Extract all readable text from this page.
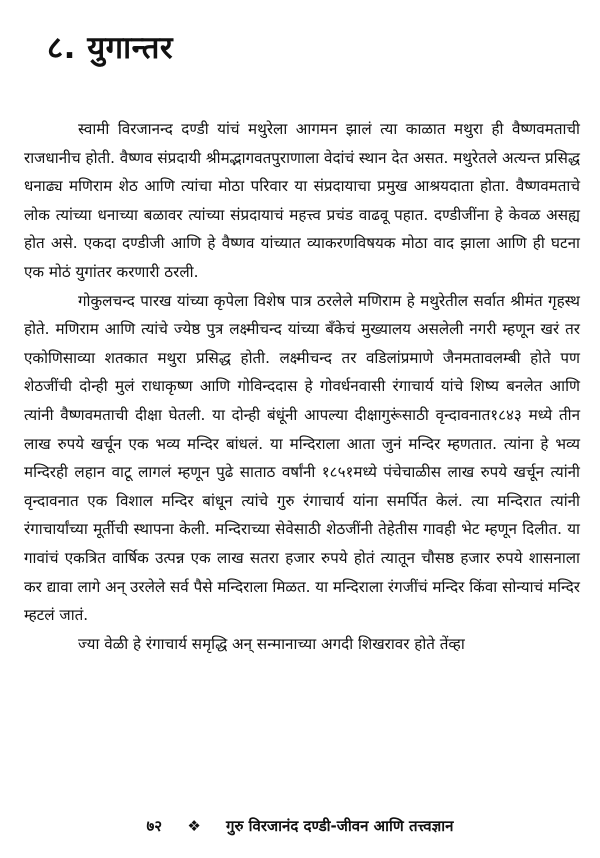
८. युगान्तर

स्वामी विरजानन्द दण्डी यांचं मथुरेला आगमन झालं त्या काळात मथुरा ही वैष्णवमताची राजधानीच होती. वैष्णव संप्रदायी श्रीमद्भागवतपुराणाला वेदांचं स्थान देत असत. मथुरेतले अत्यन्त प्रसिद्ध धनाढ्य मणिराम शेठ आणि त्यांचा मोठा परिवार या संप्रदायाचा प्रमुख आश्रयदाता होता. वैष्णवमताचे लोक त्यांच्या धनाच्या बळावर त्यांच्या संप्रदायाचं महत्त्व प्रचंड वाढवू पहात. दण्डीजींना हे केवळ असह्य होत असे. एकदा दण्डीजी आणि हे वैष्णव यांच्यात व्याकरणविषयक मोठा वाद झाला आणि ही घटना एक मोठं युगांतर करणारी ठरली.

गोकुलचन्द पारख यांच्या कृपेला विशेष पात्र ठरलेले मणिराम हे मथुरेतील सर्वात श्रीमंत गृहस्थ होते. मणिराम आणि त्यांचे ज्येष्ठ पुत्र लक्ष्मीचन्द यांच्या बँकेचं मुख्यालय असलेली नगरी म्हणून खरं तर एकोणिसाव्या शतकात मथुरा प्रसिद्ध होती. लक्ष्मीचन्द तर वडिलांप्रमाणे जैनमतावलम्बी होते पण शेठजींची दोन्ही मुलं राधाकृष्ण आणि गोविन्ददास हे गोवर्धनवासी रंगाचार्य यांचे शिष्य बनलेत आणि त्यांनी वैष्णवमताची दीक्षा घेतली. या दोन्ही बंधूंनी आपल्या दीक्षागुरूंसाठी वृन्दावनात१८४३ मध्ये तीन लाख रुपये खर्चून एक भव्य मन्दिर बांधलं. या मन्दिराला आता जुनं मन्दिर म्हणतात. त्यांना हे भव्य मन्दिरही लहान वाटू लागलं म्हणून पुढे साताठ वर्षांनी १८५१मध्ये पंचेचाळीस लाख रुपये खर्चून त्यांनी वृन्दावनात एक विशाल मन्दिर बांधून त्यांचे गुरु रंगाचार्य यांना समर्पित केलं. त्या मन्दिरात त्यांनी रंगाचार्यांच्या मूर्तीची स्थापना केली. मन्दिराच्या सेवेसाठी शेठजींनी तेहेतीस गावही भेट म्हणून दिलीत. या गावांचं एकत्रित वार्षिक उत्पन्न एक लाख सतरा हजार रुपये होतं त्यातून चौसष्ठ हजार रुपये शासनाला कर द्यावा लागे अन् उरलेले सर्व पैसे मन्दिराला मिळत. या मन्दिराला रंगजींचं मन्दिर किंवा सोन्याचं मन्दिर म्हटलं जातं.

ज्या वेळी हे रंगाचार्य समृद्धि अन् सन्मानाच्या अगदी शिखरावर होते तेंव्हा

७२ ❖ गुरु विरजानंद दण्डी-जीवन आणि तत्त्वज्ञान
